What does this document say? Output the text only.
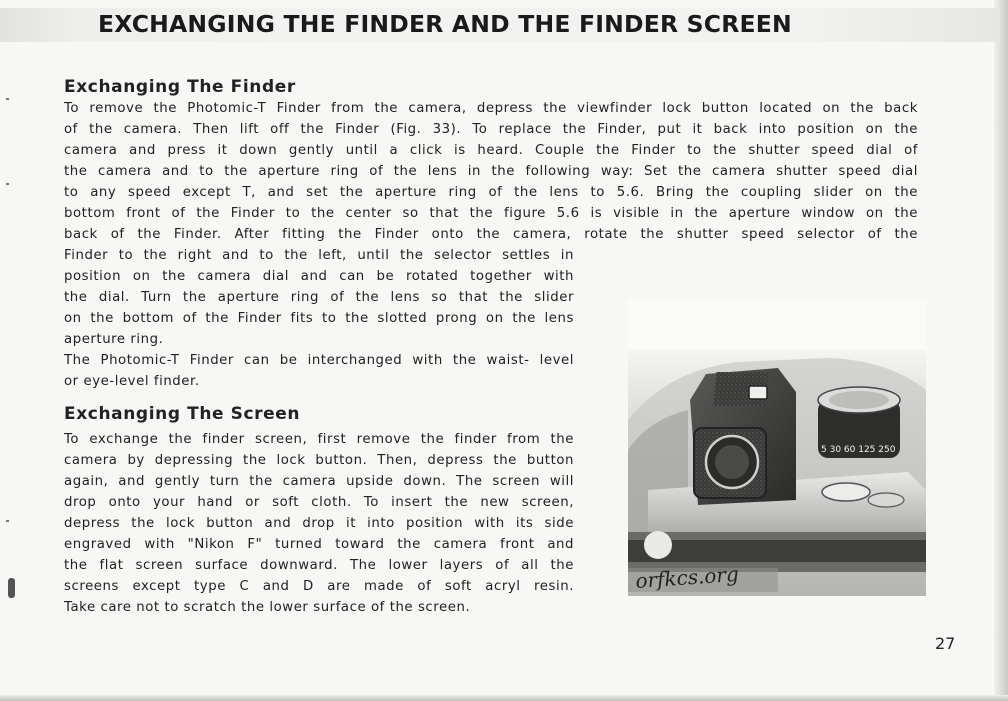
EXCHANGING THE FINDER AND THE FINDER SCREEN
Exchanging The Finder

To remove the Photomic-T Finder from the camera, depress the viewfinder lock button located on the back

of the camera. Then lift off the Finder (Fig. 33). To replace the Finder, put it back into position on the

camera and press it down gently until a click is heard. Couple the Finder to the shutter speed dial of

the camera and to the aperture ring of the lens in the following way: Set the camera shutter speed dial

to any speed except T, and set the aperture ring of the lens to 5.6. Bring the coupling slider on the

bottom front of the Finder to the center so that the figure 5.6 is visible in the aperture window on the

back of the Finder. After fitting the Finder onto the camera, rotate the shutter speed selector of the

Finder to the right and to the left, until the selector settles in

position on the camera dial and can be rotated together with

the dial. Turn the aperture ring of the lens so that the slider

on the bottom of the Finder fits to the slotted prong on the lens

aperture ring.

The Photomic-T Finder can be interchanged with the waist- level

or eye-level finder.

Exchanging The Screen

To exchange the finder screen, first remove the finder from the

camera by depressing the lock button. Then, depress the button

again, and gently turn the camera upside down. The screen will

drop onto your hand or soft cloth. To insert the new screen,

depress the lock button and drop it into position with its side

engraved with "Nikon F" turned toward the camera front and

the flat screen surface downward. The lower layers of all the

screens except type C and D are made of soft acryl resin.

Take care not to scratch the lower surface of the screen.

5 30 60 125 250
orfkcs.org

27
